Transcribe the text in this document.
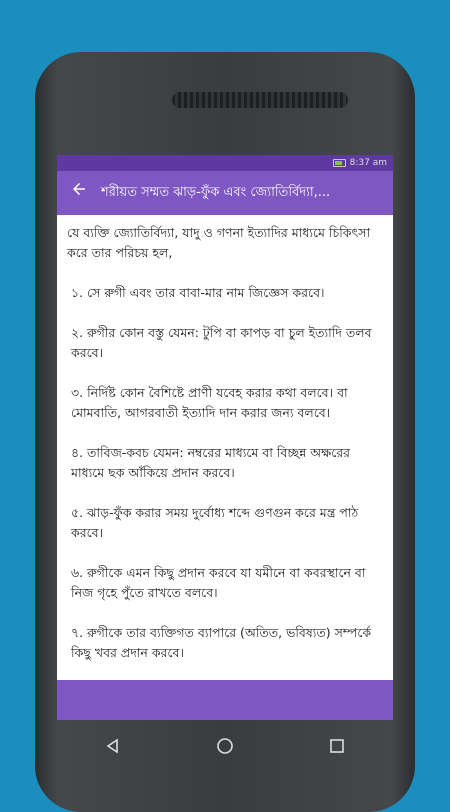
8:37 am
শরীয়ত সম্মত ঝাড়-ফুঁক এবং জ্যোতির্বিদ্যা,...

যে ব্যক্তি জ্যোতির্বিদ্যা, যাদু ও গণনা ইত্যাদির মাধ্যমে চিকিৎসা করে তার পরিচয় হল,

১. সে রুগী এবং তার বাবা-মার নাম জিজ্ঞেস করবে।

২. রুগীর কোন বস্তু যেমন: টুপি বা কাপড় বা চুল ইত্যাদি তলব করবে।

৩. নির্দিষ্ট কোন বৈশিষ্টে প্রাণী যবেহ করার কথা বলবে। বা মোমবাতি, আগরবাতী ইত্যাদি দান করার জন্য বলবে।

৪. তাবিজ-কবচ যেমন: নম্বরের মাধ্যমে বা বিচ্ছন্ন অক্ষরের মাধ্যমে ছক আঁকিয়ে প্রদান করবে।

৫. ঝাড়-ফুঁক করার সময় দুর্বোধ্য শব্দে গুণগুন করে মন্ত্র পাঠ করবে।

৬. রুগীকে এমন কিছু প্রদান করবে যা যমীনে বা কবরস্থানে বা নিজ গৃহে পুঁতে রাখতে বলবে।

৭. রুগীকে তার ব্যক্তিগত ব্যাপারে (অতিত, ভবিষ্যত) সম্পর্কে কিছু খবর প্রদান করবে।
